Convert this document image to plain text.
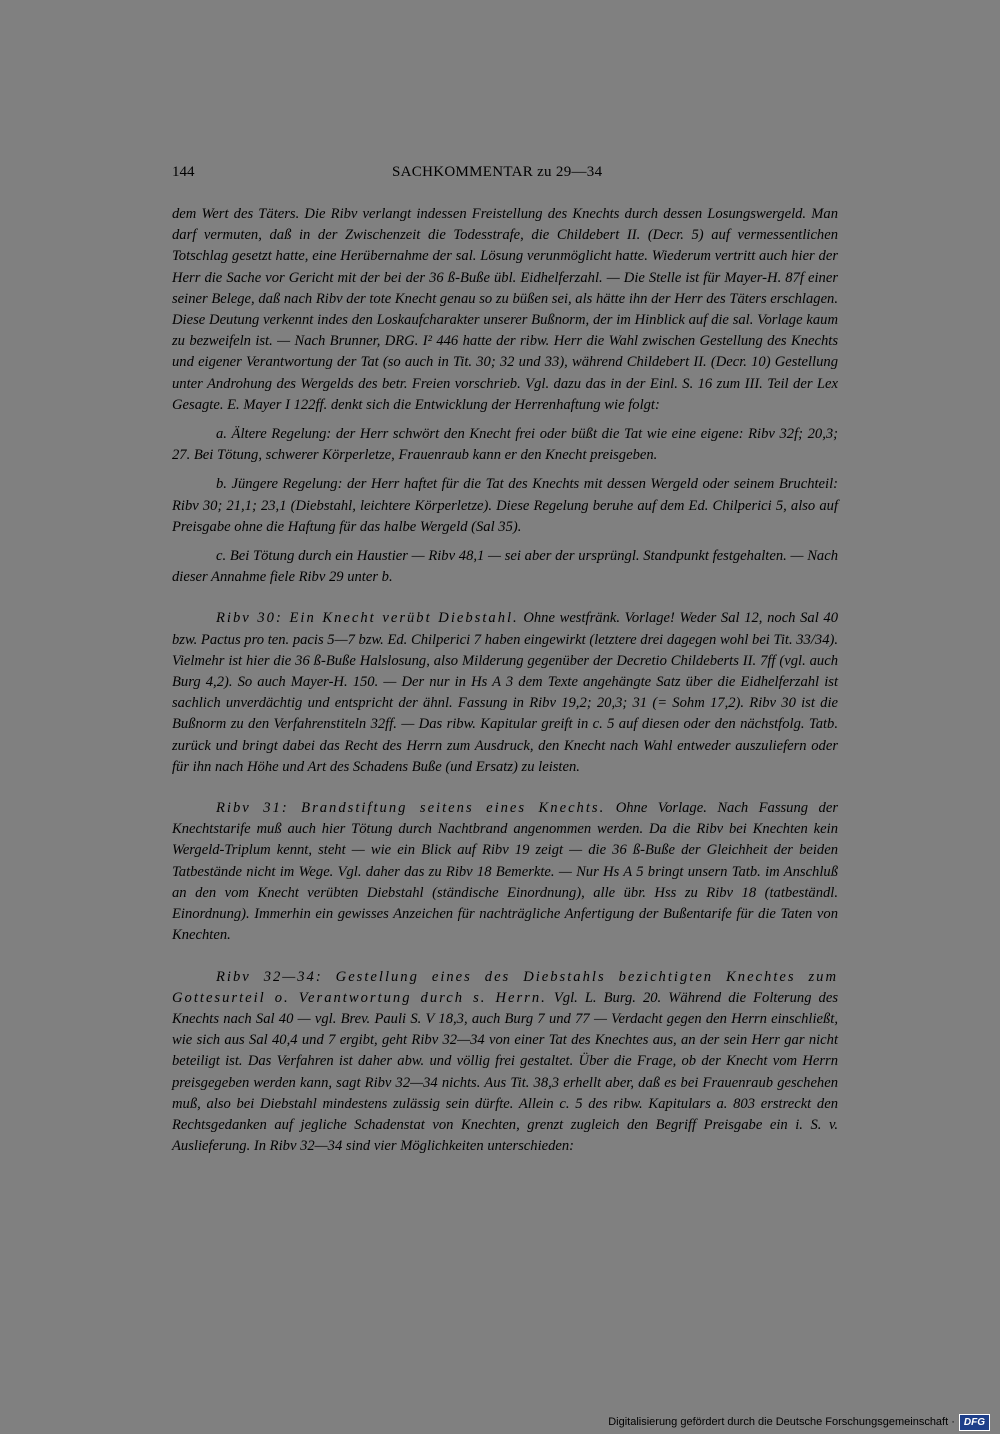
144	SACHKOMMENTAR zu 29—34

dem Wert des Täters. Die Ribv verlangt indessen Freistellung des Knechts durch dessen Losungswergeld. Man darf vermuten, daß in der Zwischenzeit die Todesstrafe, die Childebert II. (Decr. 5) auf vermessentlichen Totschlag gesetzt hatte, eine Herübernahme der sal. Lösung verunmöglicht hatte. Wiederum vertritt auch hier der Herr die Sache vor Gericht mit der bei der 36 ß-Buße übl. Eidhelferzahl. — Die Stelle ist für Mayer-H. 87f einer seiner Belege, daß nach Ribv der tote Knecht genau so zu büßen sei, als hätte ihn der Herr des Täters erschlagen. Diese Deutung verkennt indes den Loskaufcharakter unserer Bußnorm, der im Hinblick auf die sal. Vorlage kaum zu bezweifeln ist. — Nach Brunner, DRG. I² 446 hatte der ribw. Herr die Wahl zwischen Gestellung des Knechts und eigener Verantwortung der Tat (so auch in Tit. 30; 32 und 33), während Childebert II. (Decr. 10) Gestellung unter Androhung des Wergelds des betr. Freien vorschrieb. Vgl. dazu das in der Einl. S. 16 zum III. Teil der Lex Gesagte. E. Mayer I 122ff. denkt sich die Entwicklung der Herrenhaftung wie folgt:

a. Ältere Regelung: der Herr schwört den Knecht frei oder büßt die Tat wie eine eigene: Ribv 32f; 20,3; 27. Bei Tötung, schwerer Körperletze, Frauenraub kann er den Knecht preisgeben.

b. Jüngere Regelung: der Herr haftet für die Tat des Knechts mit dessen Wergeld oder seinem Bruchteil: Ribv 30; 21,1; 23,1 (Diebstahl, leichtere Körperletze). Diese Regelung beruhe auf dem Ed. Chilperici 5, also auf Preisgabe ohne die Haftung für das halbe Wergeld (Sal 35).

c. Bei Tötung durch ein Haustier — Ribv 48,1 — sei aber der ursprüngl. Standpunkt festgehalten. — Nach dieser Annahme fiele Ribv 29 unter b.

Ribv 30: Ein Knecht verübt Diebstahl. Ohne westfränk. Vorlage! Weder Sal 12, noch Sal 40 bzw. Pactus pro ten. pacis 5—7 bzw. Ed. Chilperici 7 haben eingewirkt (letztere drei dagegen wohl bei Tit. 33/34). Vielmehr ist hier die 36 ß-Buße Halslosung, also Milderung gegenüber der Decretio Childeberts II. 7ff (vgl. auch Burg 4,2). So auch Mayer-H. 150. — Der nur in Hs A 3 dem Texte angehängte Satz über die Eidhelferzahl ist sachlich unverdächtig und entspricht der ähnl. Fassung in Ribv 19,2; 20,3; 31 (= Sohm 17,2). Ribv 30 ist die Bußnorm zu den Verfahrenstiteln 32ff. — Das ribw. Kapitular greift in c. 5 auf diesen oder den nächstfolg. Tatb. zurück und bringt dabei das Recht des Herrn zum Ausdruck, den Knecht nach Wahl entweder auszuliefern oder für ihn nach Höhe und Art des Schadens Buße (und Ersatz) zu leisten.

Ribv 31: Brandstiftung seitens eines Knechts. Ohne Vorlage. Nach Fassung der Knechtstarife muß auch hier Tötung durch Nachtbrand angenommen werden. Da die Ribv bei Knechten kein Wergeld-Triplum kennt, steht — wie ein Blick auf Ribv 19 zeigt — die 36 ß-Buße der Gleichheit der beiden Tatbestände nicht im Wege. Vgl. daher das zu Ribv 18 Bemerkte. — Nur Hs A 5 bringt unsern Tatb. im Anschluß an den vom Knecht verübten Diebstahl (ständische Einordnung), alle übr. Hss zu Ribv 18 (tatbeständl. Einordnung). Immerhin ein gewisses Anzeichen für nachträgliche Anfertigung der Bußentarife für die Taten von Knechten.

Ribv 32—34: Gestellung eines des Diebstahls bezichtigten Knechtes zum Gottesurteil o. Verantwortung durch s. Herrn. Vgl. L. Burg. 20. Während die Folterung des Knechts nach Sal 40 — vgl. Brev. Pauli S. V 18,3, auch Burg 7 und 77 — Verdacht gegen den Herrn einschließt, wie sich aus Sal 40,4 und 7 ergibt, geht Ribv 32—34 von einer Tat des Knechtes aus, an der sein Herr gar nicht beteiligt ist. Das Verfahren ist daher abw. und völlig frei gestaltet. Über die Frage, ob der Knecht vom Herrn preisgegeben werden kann, sagt Ribv 32—34 nichts. Aus Tit. 38,3 erhellt aber, daß es bei Frauenraub geschehen muß, also bei Diebstahl mindestens zulässig sein dürfte. Allein c. 5 des ribw. Kapitulars a. 803 erstreckt den Rechtsgedanken auf jegliche Schadenstat von Knechten, grenzt zugleich den Begriff Preisgabe ein i. S. v. Auslieferung. In Ribv 32—34 sind vier Möglichkeiten unterschieden:

Digitalisierung gefördert durch die Deutsche Forschungsgemeinschaft · DFG
